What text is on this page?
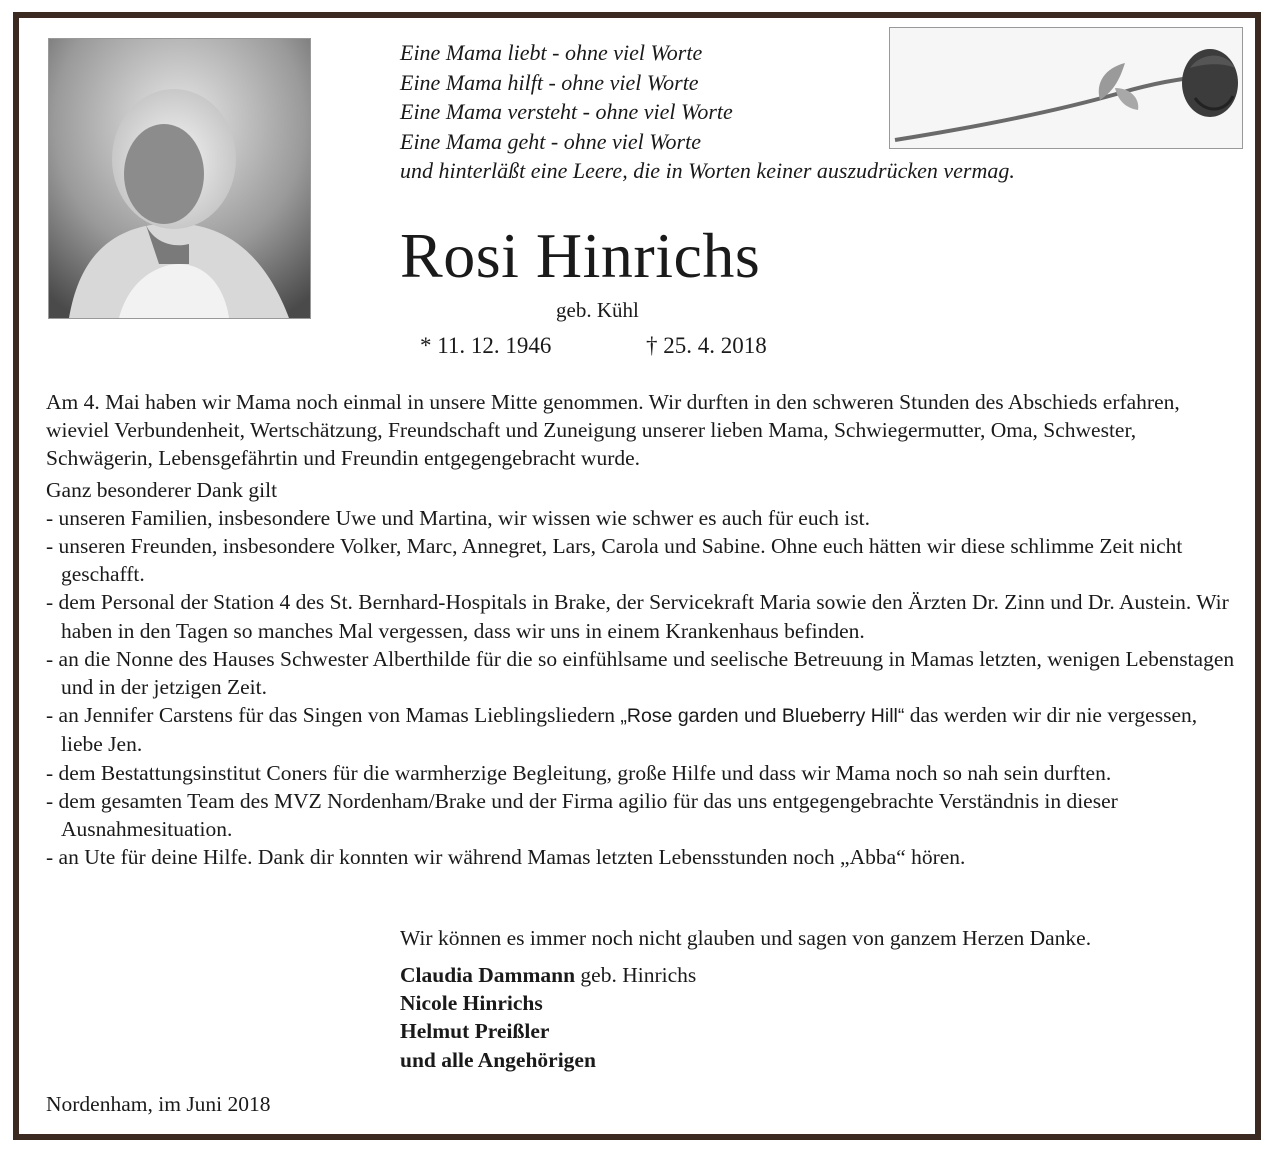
Eine Mama liebt - ohne viel Worte
Eine Mama hilft - ohne viel Worte
Eine Mama versteht - ohne viel Worte
Eine Mama geht - ohne viel Worte
und hinterläßt eine Leere, die in Worten keiner auszudrücken vermag.
Rosi Hinrichs
geb. Kühl
* 11. 12. 1946	† 25. 4. 2018

Am 4. Mai haben wir Mama noch einmal in unsere Mitte genommen. Wir durften in den schweren Stunden des Abschieds erfahren, wieviel Verbundenheit, Wertschätzung, Freundschaft und Zuneigung unserer lieben Mama, Schwiegermutter, Oma, Schwester, Schwägerin, Lebensgefährtin und Freundin entgegengebracht wurde.

Ganz besonderer Dank gilt

- unseren Familien, insbesondere Uwe und Martina, wir wissen wie schwer es auch für euch ist.
- unseren Freunden, insbesondere Volker, Marc, Annegret, Lars, Carola und Sabine. Ohne euch hätten wir diese schlimme Zeit nicht geschafft.
- dem Personal der Station 4 des St. Bernhard-Hospitals in Brake, der Servicekraft Maria sowie den Ärzten Dr. Zinn und Dr. Austein. Wir haben in den Tagen so manches Mal vergessen, dass wir uns in einem Krankenhaus befinden.
- an die Nonne des Hauses Schwester Alberthilde für die so einfühlsame und seelische Betreuung in Mamas letzten, wenigen Lebenstagen und in der jetzigen Zeit.
- an Jennifer Carstens für das Singen von Mamas Lieblingsliedern „Rose garden und Blueberry Hill“ das werden wir dir nie vergessen, liebe Jen.
- dem Bestattungsinstitut Coners für die warmherzige Begleitung, große Hilfe und dass wir Mama noch so nah sein durften.
- dem gesamten Team des MVZ Nordenham/Brake und der Firma agilio für das uns entgegengebrachte Verständnis in dieser Ausnahmesituation.
- an Ute für deine Hilfe. Dank dir konnten wir während Mamas letzten Lebensstunden noch „Abba“ hören.
Wir können es immer noch nicht glauben und sagen von ganzem Herzen Danke.
Claudia Dammann geb. Hinrichs
Nicole Hinrichs
Helmut Preißler
und alle Angehörigen
Nordenham, im Juni 2018
